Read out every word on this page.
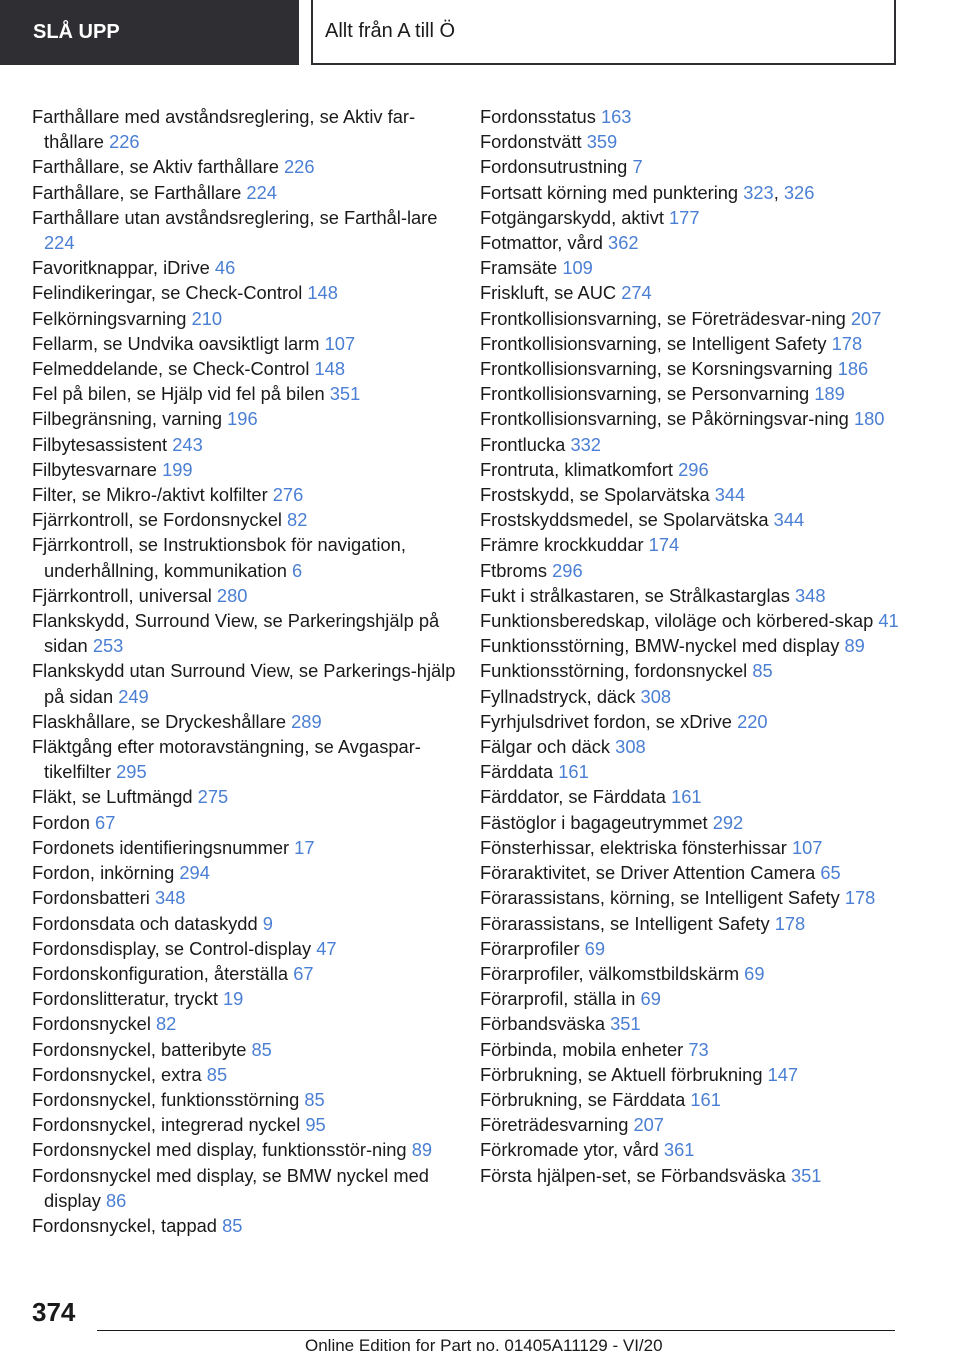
SLÅ UPP	Allt från A till Ö
Farthållare med avståndsreglering, se Aktiv far-thållare 226
Farthållare, se Aktiv farthållare 226
Farthållare, se Farthållare 224
Farthållare utan avståndsreglering, se Farthål-lare 224
Favoritknappar, iDrive 46
Felindikeringar, se Check-Control 148
Felkörningsvarning 210
Fellarm, se Undvika oavsiktligt larm 107
Felmeddelande, se Check-Control 148
Fel på bilen, se Hjälp vid fel på bilen 351
Filbegränsning, varning 196
Filbytesassistent 243
Filbytesvarnare 199
Filter, se Mikro-/aktivt kolfilter 276
Fjärrkontroll, se Fordonsnyckel 82
Fjärrkontroll, se Instruktionsbok för navigation, underhållning, kommunikation 6
Fjärrkontroll, universal 280
Flankskydd, Surround View, se Parkeringshjälp på sidan 253
Flankskydd utan Surround View, se Parkerings-hjälp på sidan 249
Flaskhållare, se Dryckeshållare 289
Fläktgång efter motoravstängning, se Avgaspar-tikelfilter 295
Fläkt, se Luftmängd 275
Fordon 67
Fordonets identifieringsnummer 17
Fordon, inkörning 294
Fordonsbatteri 348
Fordonsdata och dataskydd 9
Fordonsdisplay, se Control-display 47
Fordonskonfiguration, återställa 67
Fordonslitteratur, tryckt 19
Fordonsnyckel 82
Fordonsnyckel, batteribyte 85
Fordonsnyckel, extra 85
Fordonsnyckel, funktionsstörning 85
Fordonsnyckel, integrerad nyckel 95
Fordonsnyckel med display, funktionsstör-ning 89
Fordonsnyckel med display, se BMW nyckel med display 86
Fordonsnyckel, tappad 85
Fordonsstatus 163
Fordonstvätt 359
Fordonsutrustning 7
Fortsatt körning med punktering 323, 326
Fotgängarskydd, aktivt 177
Fotmattor, vård 362
Framsäte 109
Friskluft, se AUC 274
Frontkollisionsvarning, se Företrädesvar-ning 207
Frontkollisionsvarning, se Intelligent Safety 178
Frontkollisionsvarning, se Korsningsvarning 186
Frontkollisionsvarning, se Personvarning 189
Frontkollisionsvarning, se Påkörningsvar-ning 180
Frontlucka 332
Frontruta, klimatkomfort 296
Frostskydd, se Spolarvätska 344
Frostskyddsmedel, se Spolarvätska 344
Främre krockkuddar 174
Ftbroms 296
Fukt i strålkastaren, se Strålkastarglas 348
Funktionsberedskap, viloläge och körbered-skap 41
Funktionsstörning, BMW-nyckel med display 89
Funktionsstörning, fordonsnyckel 85
Fyllnadstryck, däck 308
Fyrhjulsdrivet fordon, se xDrive 220
Fälgar och däck 308
Färddata 161
Färddator, se Färddata 161
Fästöglor i bagageutrymmet 292
Fönsterhissar, elektriska fönsterhissar 107
Föraraktivitet, se Driver Attention Camera 65
Förarassistans, körning, se Intelligent Safety 178
Förarassistans, se Intelligent Safety 178
Förarprofiler 69
Förarprofiler, välkomstbildskärm 69
Förarprofil, ställa in 69
Förbandsväska 351
Förbinda, mobila enheter 73
Förbrukning, se Aktuell förbrukning 147
Förbrukning, se Färddata 161
Företrädesvarning 207
Förkromade ytor, vård 361
Första hjälpen-set, se Förbandsväska 351
374
Online Edition for Part no. 01405A11129 - VI/20
